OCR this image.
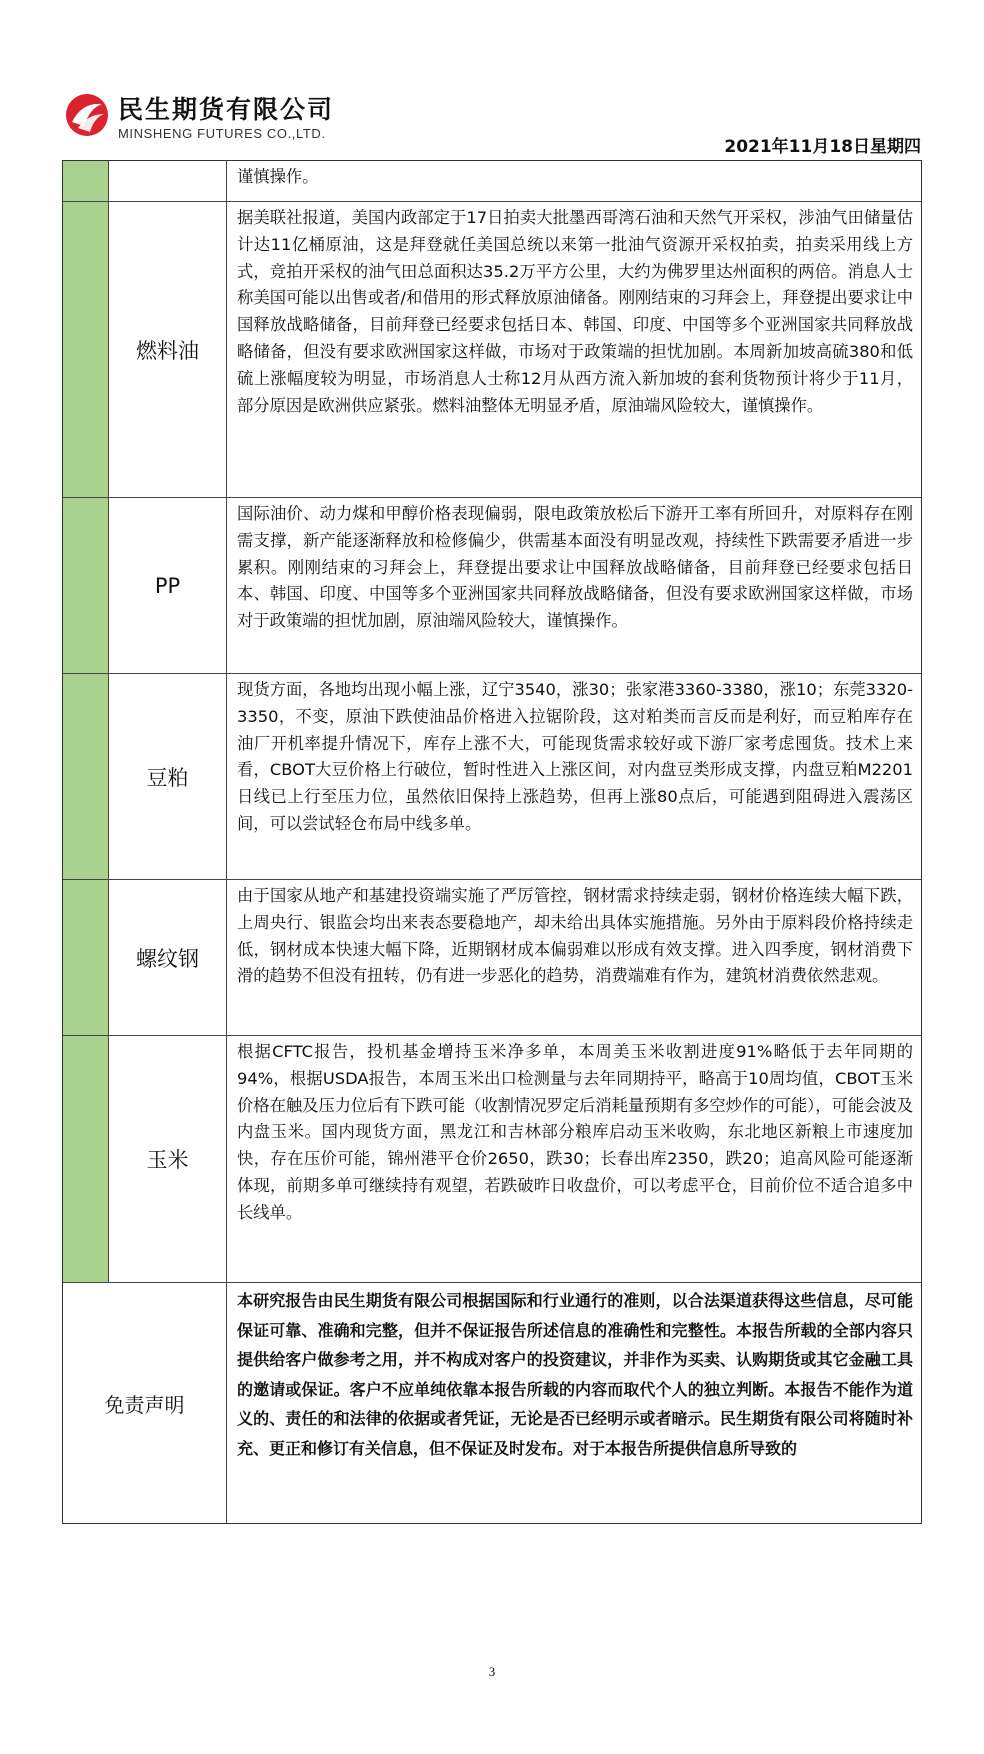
民生期货有限公司
MINSHENG FUTURES CO.,LTD.
2021年11月18日星期四
谨慎操作。
燃料油
据美联社报道，美国内政部定于17日拍卖大批墨西哥湾石油和天然气开采权，涉油气田储量估计达11亿桶原油，这是拜登就任美国总统以来第一批油气资源开采权拍卖，拍卖采用线上方式，竞拍开采权的油气田总面积达35.2万平方公里，大约为佛罗里达州面积的两倍。消息人士称美国可能以出售或者/和借用的形式释放原油储备。刚刚结束的习拜会上，拜登提出要求让中国释放战略储备，目前拜登已经要求包括日本、韩国、印度、中国等多个亚洲国家共同释放战略储备，但没有要求欧洲国家这样做，市场对于政策端的担忧加剧。本周新加坡高硫380和低硫上涨幅度较为明显，市场消息人士称12月从西方流入新加坡的套利货物预计将少于11月，部分原因是欧洲供应紧张。燃料油整体无明显矛盾，原油端风险较大，谨慎操作。
PP
国际油价、动力煤和甲醇价格表现偏弱，限电政策放松后下游开工率有所回升，对原料存在刚需支撑，新产能逐渐释放和检修偏少，供需基本面没有明显改观，持续性下跌需要矛盾进一步累积。刚刚结束的习拜会上，拜登提出要求让中国释放战略储备，目前拜登已经要求包括日本、韩国、印度、中国等多个亚洲国家共同释放战略储备，但没有要求欧洲国家这样做，市场对于政策端的担忧加剧，原油端风险较大，谨慎操作。
豆粕
现货方面，各地均出现小幅上涨，辽宁3540，涨30；张家港3360-3380，涨10；东莞3320-3350，不变，原油下跌使油品价格进入拉锯阶段，这对粕类而言反而是利好，而豆粕库存在油厂开机率提升情况下，库存上涨不大，可能现货需求较好或下游厂家考虑囤货。技术上来看，CBOT大豆价格上行破位，暂时性进入上涨区间，对内盘豆类形成支撑，内盘豆粕M2201日线已上行至压力位，虽然依旧保持上涨趋势，但再上涨80点后，可能遇到阻碍进入震荡区间，可以尝试轻仓布局中线多单。
螺纹钢
由于国家从地产和基建投资端实施了严厉管控，钢材需求持续走弱，钢材价格连续大幅下跌，上周央行、银监会均出来表态要稳地产，却未给出具体实施措施。另外由于原料段价格持续走低，钢材成本快速大幅下降，近期钢材成本偏弱难以形成有效支撑。进入四季度，钢材消费下滑的趋势不但没有扭转，仍有进一步恶化的趋势，消费端难有作为，建筑材消费依然悲观。
玉米
根据CFTC报告，投机基金增持玉米净多单，本周美玉米收割进度91%略低于去年同期的94%，根据USDA报告，本周玉米出口检测量与去年同期持平，略高于10周均值，CBOT玉米价格在触及压力位后有下跌可能（收割情况罗定后消耗量预期有多空炒作的可能），可能会波及内盘玉米。国内现货方面，黑龙江和吉林部分粮库启动玉米收购，东北地区新粮上市速度加快，存在压价可能，锦州港平仓价2650，跌30；长春出库2350，跌20；追高风险可能逐渐体现，前期多单可继续持有观望，若跌破昨日收盘价，可以考虑平仓，目前价位不适合追多中长线单。
免责声明
本研究报告由民生期货有限公司根据国际和行业通行的准则，以合法渠道获得这些信息，尽可能保证可靠、准确和完整，但并不保证报告所述信息的准确性和完整性。本报告所载的全部内容只提供给客户做参考之用，并不构成对客户的投资建议，并非作为买卖、认购期货或其它金融工具的邀请或保证。客户不应单纯依靠本报告所载的内容而取代个人的独立判断。本报告不能作为道义的、责任的和法律的依据或者凭证，无论是否已经明示或者暗示。民生期货有限公司将随时补充、更正和修订有关信息，但不保证及时发布。对于本报告所提供信息所导致的
3
